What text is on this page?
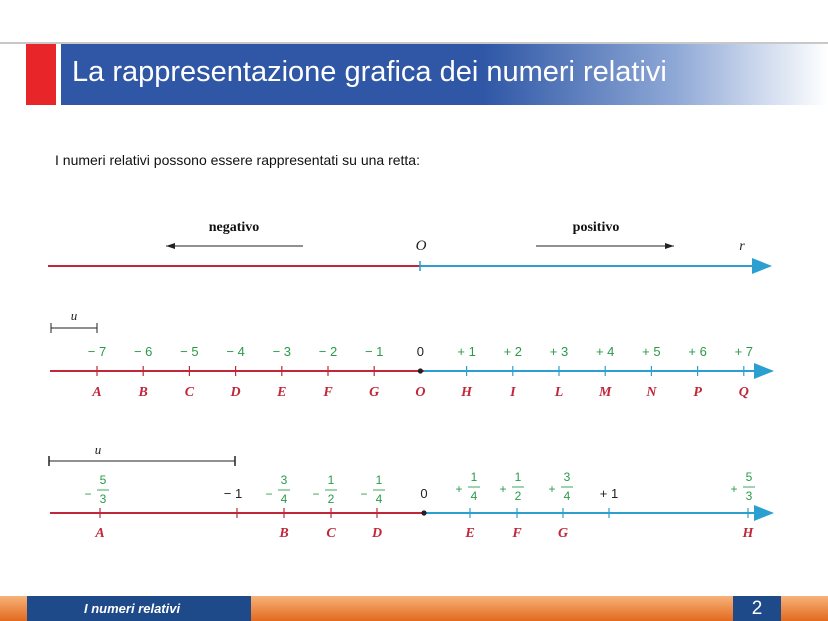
La rappresentazione grafica dei numeri relativi
I numeri relativi possono essere rappresentati su una retta:
negativo	positivo
O	r
u
− 7
A
− 6
B
− 5
C
− 4
D
− 3
E
− 2
F
− 1
G
0
O
+ 1
H
+ 2
I
+ 3
L
+ 4
M
+ 5
N
+ 6
P
+ 7
Q
u
−
5
3	− 1 −
3
4 −
1
2 −
1
4	0 +
1
4 +
1
2 +
3
4 + 1	+
5
3
A	B	C	D	E	F	G	H
I numeri relativi	2
